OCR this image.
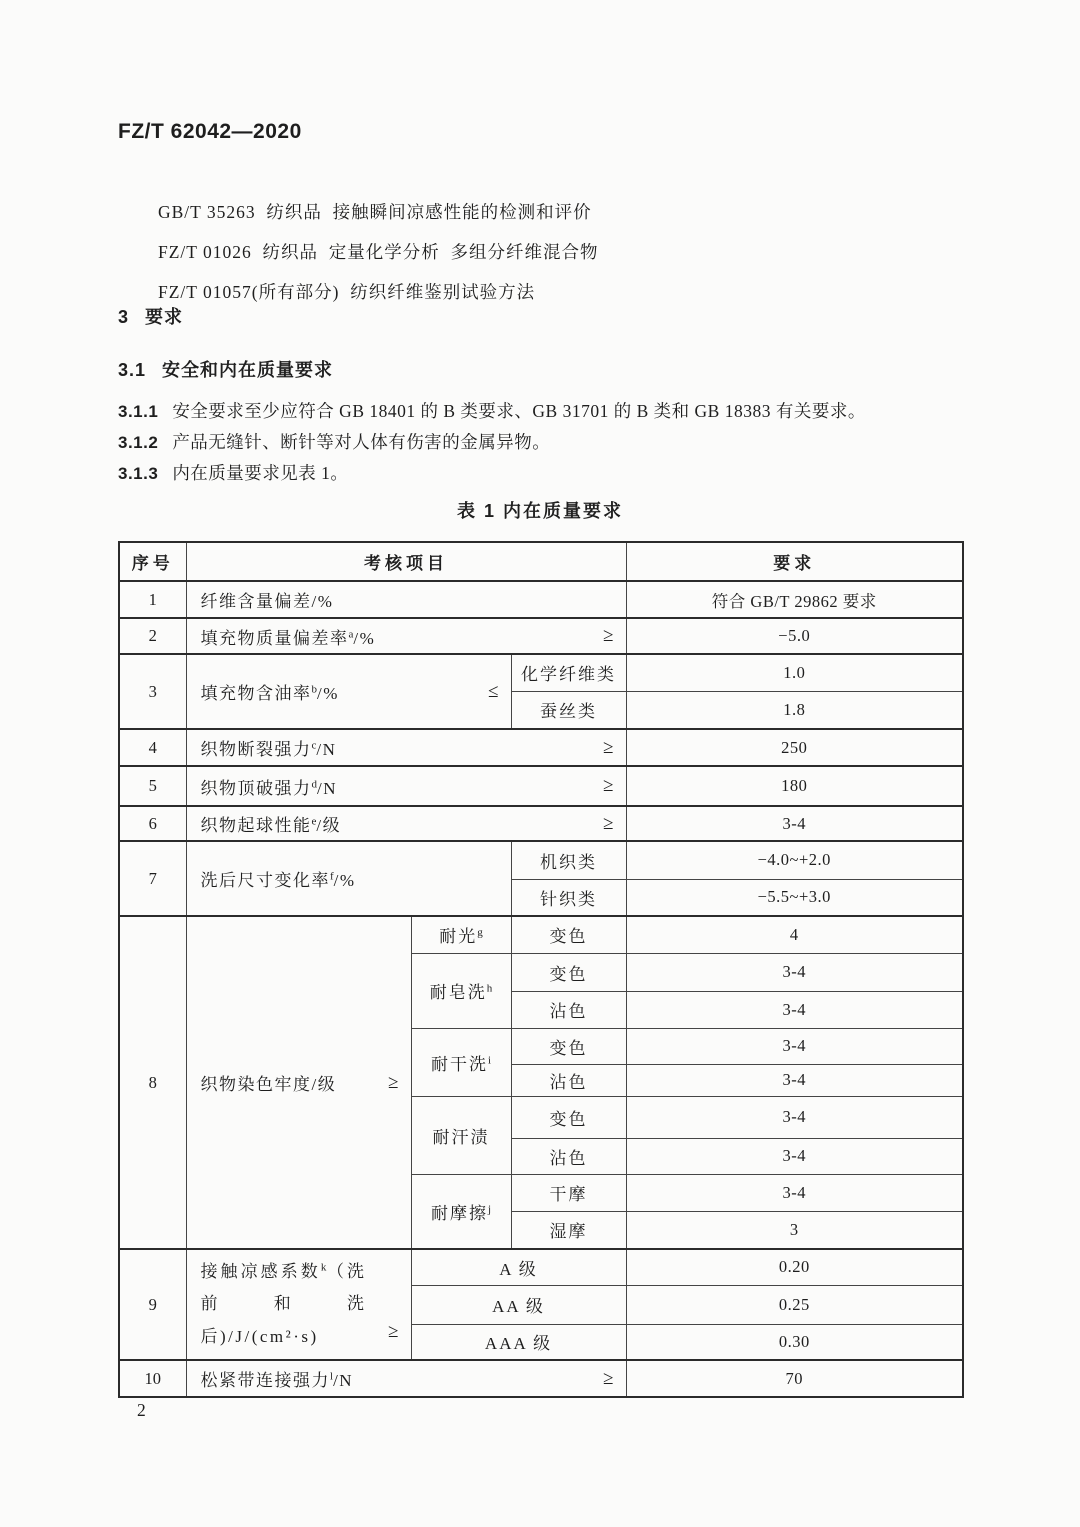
FZ/T 62042—2020
GB/T 35263  纺织品  接触瞬间凉感性能的检测和评价
FZ/T 01026  纺织品  定量化学分析  多组分纤维混合物
FZ/T 01057(所有部分)  纺织纤维鉴别试验方法
3 要求
3.1 安全和内在质量要求
3.1.1 安全要求至少应符合 GB 18401 的 B 类要求、GB 31701 的 B 类和 GB 18383 有关要求。
3.1.2 产品无缝针、断针等对人体有伤害的金属异物。
3.1.3 内在质量要求见表 1。
表 1 内在质量要求
序号	考核项目			要求
1	纤维含量偏差/%			符合 GB/T 29862 要求
2	填充物质量偏差率$^a$/% ≥			−5.0
3	填充物含油率$^b$/% ≤		化学纤维类	1.0
			蚕丝类	1.8
4	织物断裂强力$^c$/N ≥			250
5	织物顶破强力$^d$/N ≥			180
6	织物起球性能$^e$/级 ≥			3-4
7	洗后尺寸变化率$^f$/%		机织类	−4.0~+2.0
			针织类	−5.5~+3.0
8	织物染色牢度/级 ≥	耐光$^g$	变色	4
		耐皂洗$^h$	变色	3-4
			沾色	3-4
		耐干洗$^i$	变色	3-4
			沾色	3-4
		耐汗渍	变色	3-4
			沾色	3-4
		耐摩擦$^j$	干摩	3-4
			湿摩	3
9	接触凉感系数$^k$（洗前和洗后)/J/(cm²·s) ≥	A 级		0.20
		AA 级		0.25
		AAA 级		0.30
10	松紧带连接强力$^l$/N ≥			70
2
